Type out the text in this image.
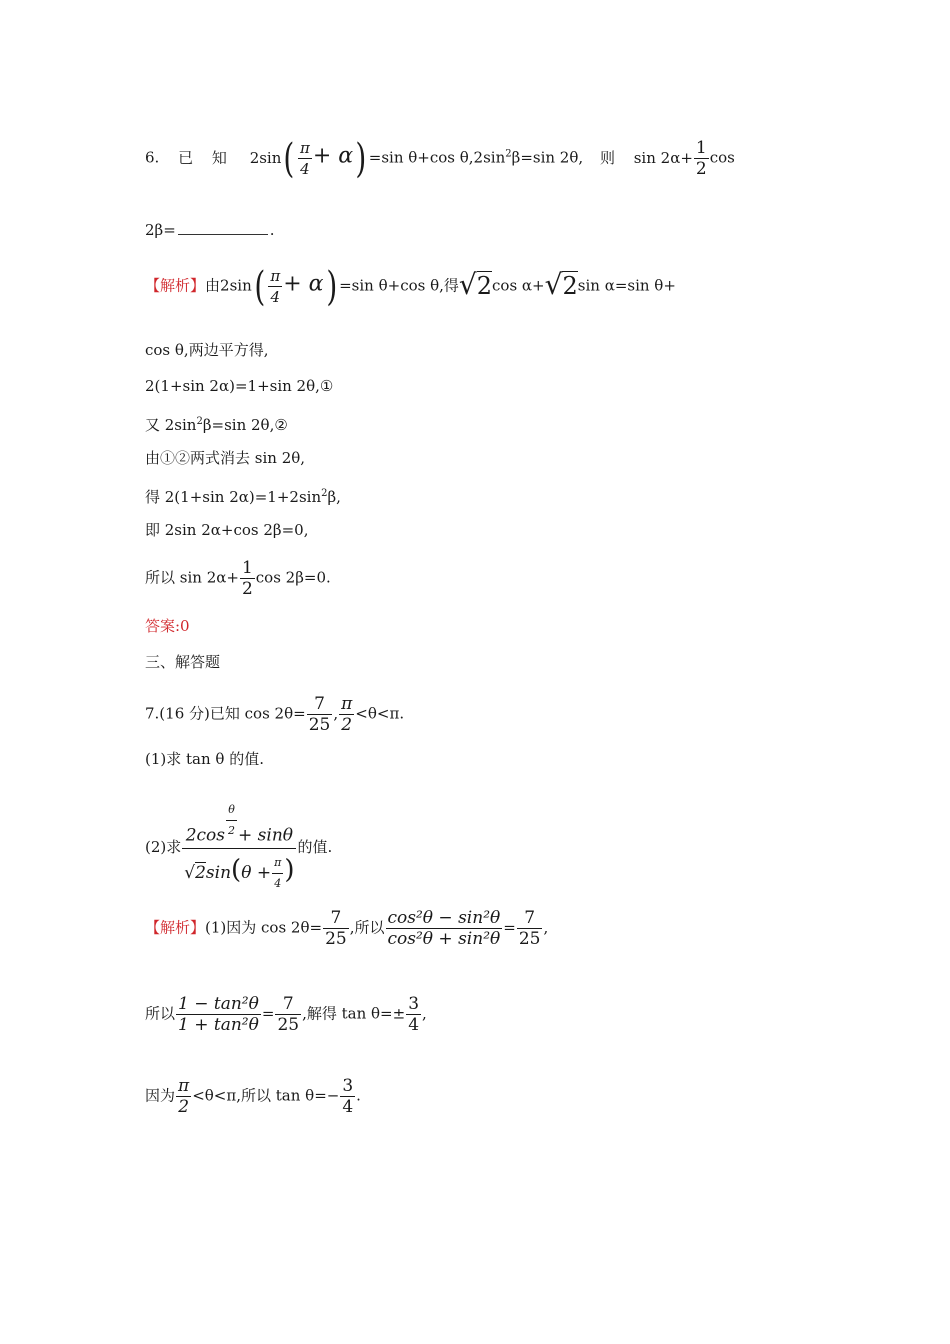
6. 已 知 $2\sin( \frac{\pi}{4} + \alpha) =\sin$ θ+cos $\theta,2\sin^2\beta=\sin$ 2θ, 则 $\sin 2\alpha+ \frac{1}{2}$ cos
2β=	.
【解析】由$2\sin( \frac{\pi}{4} + \alpha) =\sin$ θ+cos θ,得√2cos α+√2sin α=sin θ+
cos θ,两边平方得,
2(1+sin 2α)=1+sin 2θ,①
又 $2\sin^2\beta=\sin$ 2θ,②
由①②两式消去 sin 2θ,
得 2(1+sin $2\alpha)=1+2\sin^2\beta$,
即 2sin 2α+cos 2β=0,
所以 $\sin 2\alpha+ \frac{1}{2}$ cos 2β=0.
答案:0
三、解答题
7.(16 分)已知 $\cos 2\theta= \frac{7}{25}$ , $\frac{\pi}{2} <\theta<\pi$.
(1)求 tan θ 的值.
(2)求 $\frac{2\cos \frac{\theta}{2} + \sin\theta}{√2\sin(\theta + \frac{\pi}{4} )}$ 的值.
【解析】(1)因为 $\cos 2\theta= \frac{7}{25}$ ,所以 $\frac{\text{cos²θ − sin²θ}}{\text{cos²θ + sin²θ}} = \frac{7}{25}$ ,
所以 $\frac{\text{1 − tan²θ}}{\text{1 + tan²θ}} = \frac{7}{25}$ ,解得 $\tan \theta=\pm \frac{3}{4}$ ,
因为 $\frac{\pi}{2} <\theta<\pi$,所以 $\tan \theta=- \frac{3}{4}$ .
